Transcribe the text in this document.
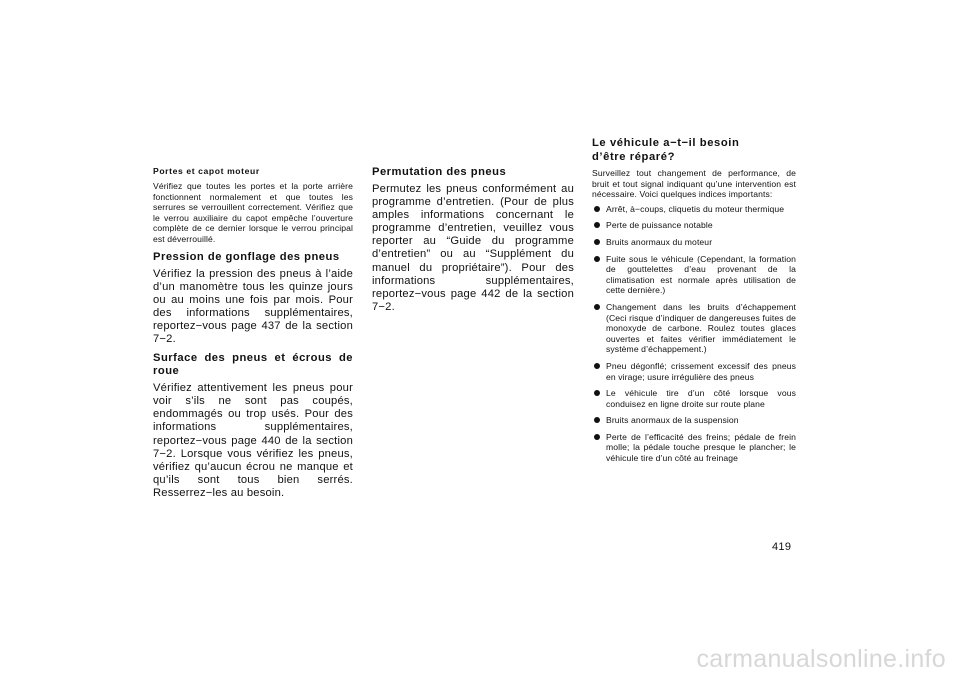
Portes et capot moteur

Vérifiez que toutes les portes et la porte arrière fonctionnent normalement et que toutes les serrures se verrouillent correctement. Vérifiez que le verrou auxiliaire du capot empêche l’ouverture complète de ce dernier lorsque le verrou principal est déverrouillé.

Pression de gonflage des pneus

Vérifiez la pression des pneus à l’aide d’un manomètre tous les quinze jours ou au moins une fois par mois. Pour des informations supplémentaires, reportez−vous page 437 de la section 7−2.

Surface des pneus et écrous de roue

Vérifiez attentivement les pneus pour voir s’ils ne sont pas coupés, endommagés ou trop usés. Pour des informations supplémentaires, reportez−vous page 440 de la section 7−2. Lorsque vous vérifiez les pneus, vérifiez qu’aucun écrou ne manque et qu’ils sont tous bien serrés. Resserrez−les au besoin.

Permutation des pneus

Permutez les pneus conformément au programme d’entretien. (Pour de plus amples informations concernant le programme d’entretien, veuillez vous reporter au “Guide du programme d’entretien” ou au “Supplément du manuel du propriétaire”). Pour des informations supplémentaires, reportez−vous page 442 de la section 7−2.

Le véhicule a−t−il besoin
d’être réparé?

Surveillez tout changement de performance, de bruit et tout signal indiquant qu’une intervention est nécessaire. Voici quelques indices importants:

Arrêt, à−coups, cliquetis du moteur thermique
Perte de puissance notable
Bruits anormaux du moteur
Fuite sous le véhicule (Cependant, la formation de gouttelettes d’eau provenant de la climatisation est normale après utilisation de cette dernière.)
Changement dans les bruits d’échappement (Ceci risque d’indiquer de dangereuses fuites de monoxyde de carbone. Roulez toutes glaces ouvertes et faites vérifier immédiatement le système d’échappement.)
Pneu dégonflé; crissement excessif des pneus en virage; usure irrégulière des pneus
Le véhicule tire d’un côté lorsque vous conduisez en ligne droite sur route plane
Bruits anormaux de la suspension
Perte de l’efficacité des freins; pédale de frein molle; la pédale touche presque le plancher; le véhicule tire d’un côté au freinage
419
carmanualsonline.info
